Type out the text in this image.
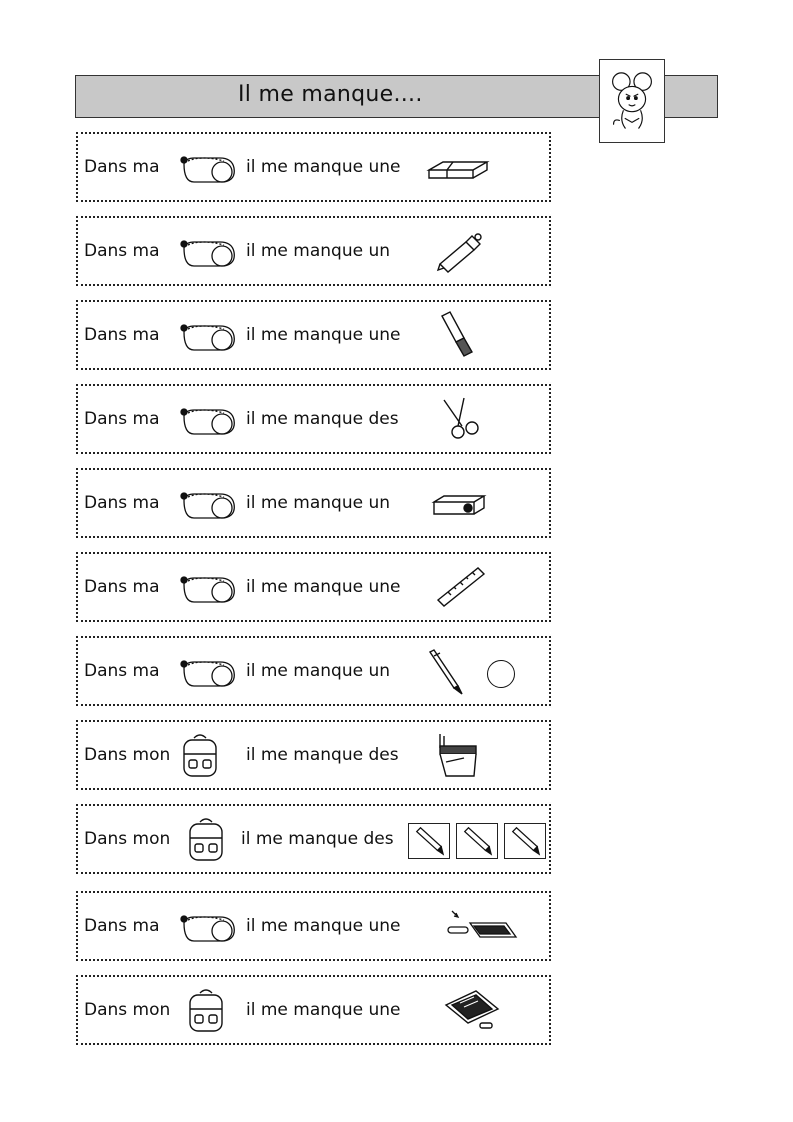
Il me manque....
Dans ma	il me manque une
Dans ma	il me manque un
Dans ma	il me manque une
Dans ma	il me manque des
Dans ma	il me manque un
Dans ma	il me manque une
Dans ma	il me manque un
Dans mon	il me manque des
Dans mon	il me manque des
Dans ma	il me manque une
Dans mon	il me manque une
